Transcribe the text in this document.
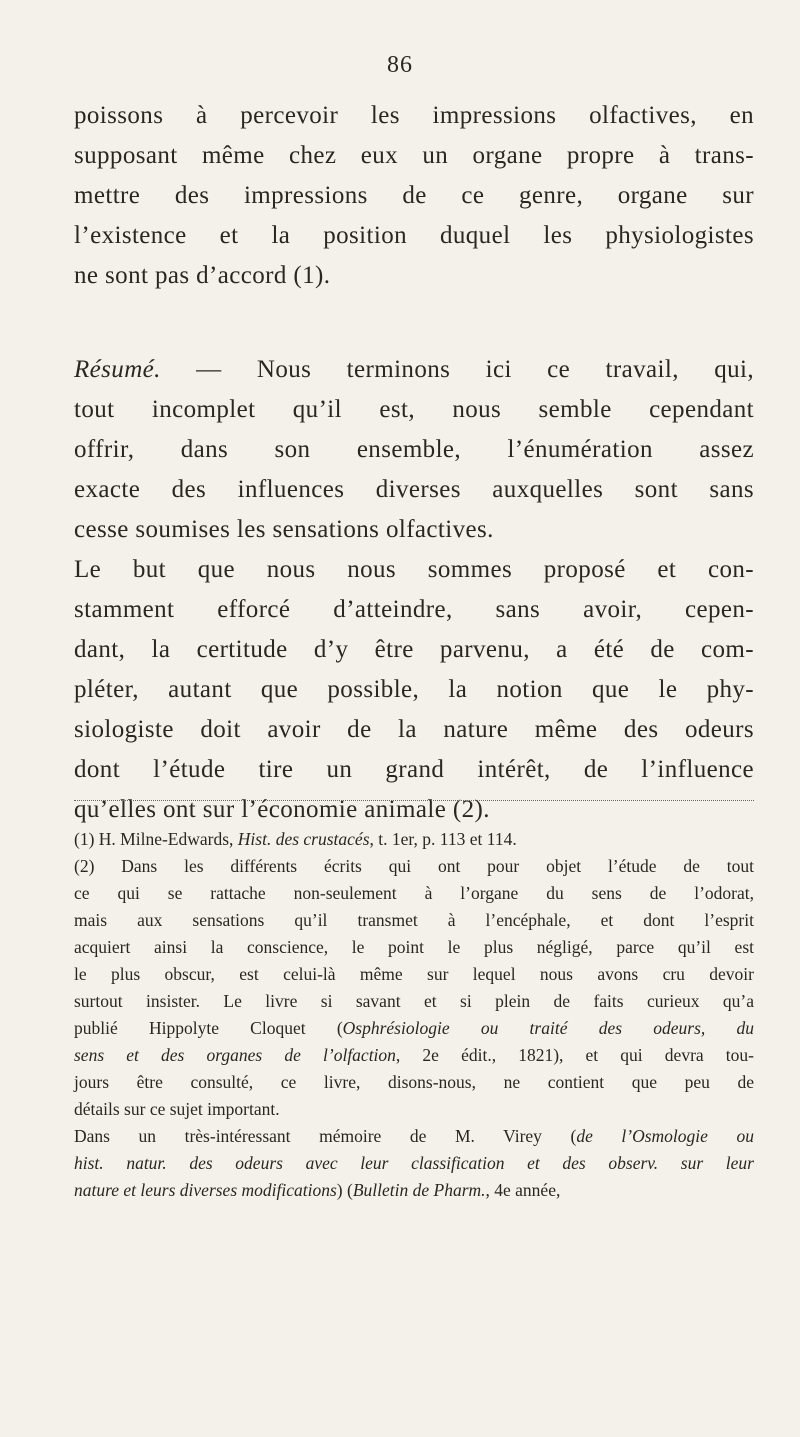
86
poissons à percevoir les impressions olfactives, en
supposant même chez eux un organe propre à trans-
mettre des impressions de ce genre, organe sur
l’existence et la position duquel les physiologistes
ne sont pas d’accord (1).
Résumé. — Nous terminons ici ce travail, qui,
tout incomplet qu’il est, nous semble cependant
offrir, dans son ensemble, l’énumération assez
exacte des influences diverses auxquelles sont sans
cesse soumises les sensations olfactives.
Le but que nous nous sommes proposé et con-
stamment efforcé d’atteindre, sans avoir, cepen-
dant, la certitude d’y être parvenu, a été de com-
pléter, autant que possible, la notion que le phy-
siologiste doit avoir de la nature même des odeurs
dont l’étude tire un grand intérêt, de l’influence
qu’elles ont sur l’économie animale (2).
(1) H. Milne-Edwards, Hist. des crustacés, t. 1er, p. 113 et 114.
(2) Dans les différents écrits qui ont pour objet l’étude de tout
ce qui se rattache non-seulement à l’organe du sens de l’odorat,
mais aux sensations qu’il transmet à l’encéphale, et dont l’esprit
acquiert ainsi la conscience, le point le plus négligé, parce qu’il est
le plus obscur, est celui-là même sur lequel nous avons cru devoir
surtout insister. Le livre si savant et si plein de faits curieux qu’a
publié Hippolyte Cloquet (Osphrésiologie ou traité des odeurs, du
sens et des organes de l’olfaction, 2e édit., 1821), et qui devra tou-
jours être consulté, ce livre, disons-nous, ne contient que peu de
détails sur ce sujet important.
Dans un très-intéressant mémoire de M. Virey (de l’Osmologie ou
hist. natur. des odeurs avec leur classification et des observ. sur leur
nature et leurs diverses modifications) (Bulletin de Pharm., 4e année,
